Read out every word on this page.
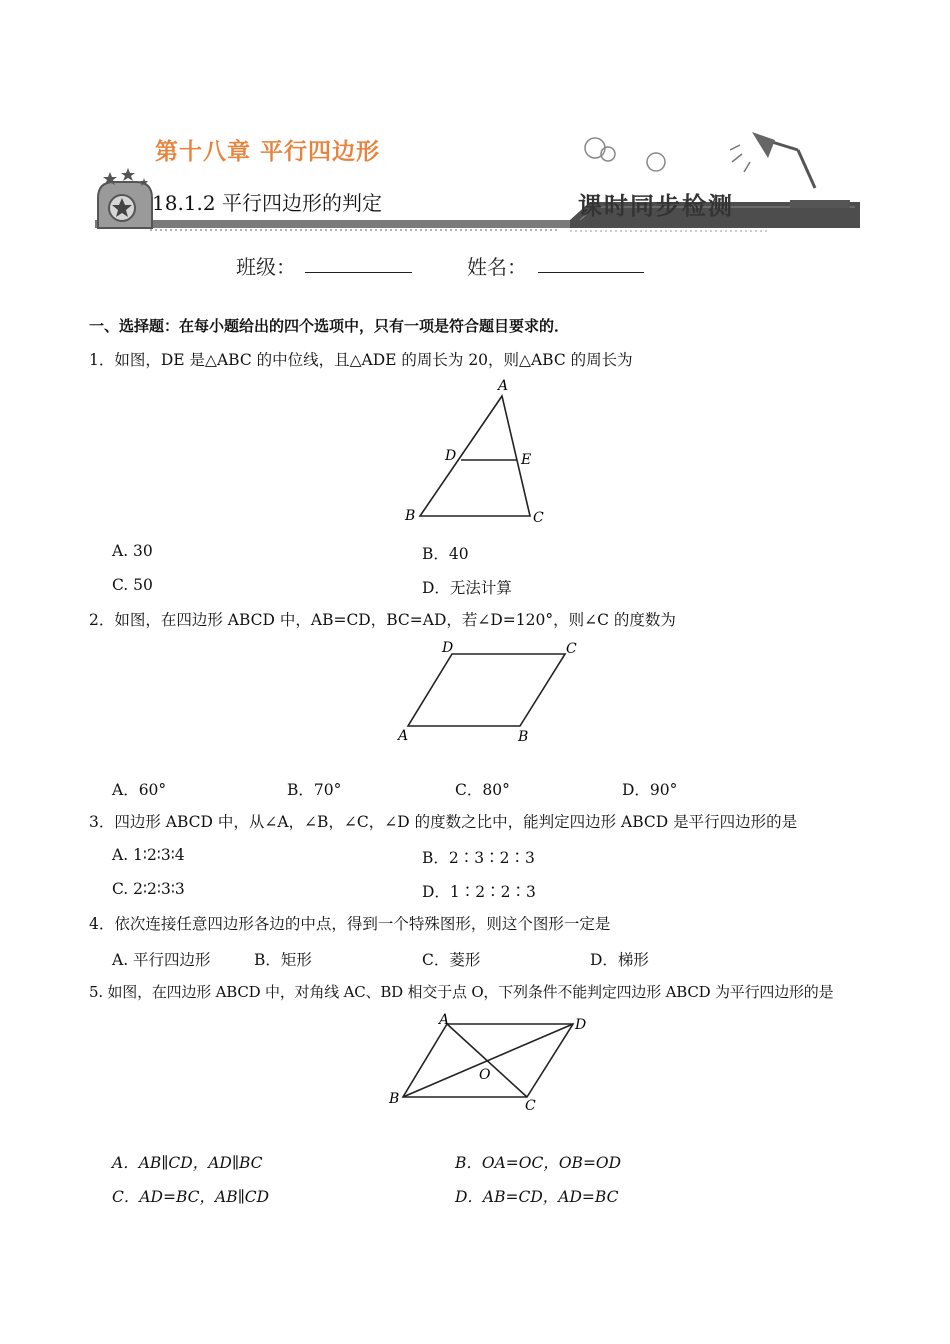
第十八章 平行四边形
18.1.2 平行四边形的判定	课时同步检测
班级：	姓名：
一、选择题：在每小题给出的四个选项中，只有一项是符合题目要求的．
1．如图，DE 是△ABC 的中位线，且△ADE 的周长为 20，则△ABC 的周长为
A
D	E
B	C
A. 30	B．40
C. 50	D．无法计算
2．如图，在四边形 ABCD 中，AB=CD，BC=AD，若∠D=120°，则∠C 的度数为
D	C
A	B
A．60°	B．70°	C．80°	D．90°
3．四边形 ABCD 中，从∠A，∠B，∠C，∠D 的度数之比中，能判定四边形 ABCD 是平行四边形的是
A. 1∶2∶3∶4	B．2∶3∶2∶3
C. 2∶2∶3∶3	D．1∶2∶2∶3
4．依次连接任意四边形各边的中点，得到一个特殊图形，则这个图形一定是
A. 平行四边形	B．矩形	C．菱形	D．梯形
5. 如图，在四边形 ABCD 中，对角线 AC、BD 相交于点 O，下列条件不能判定四边形 ABCD 为平行四边形的是
A	D
O
B	C
A．AB∥CD，AD∥BC	B．OA=OC，OB=OD
C．AD=BC，AB∥CD	D．AB=CD，AD=BC
